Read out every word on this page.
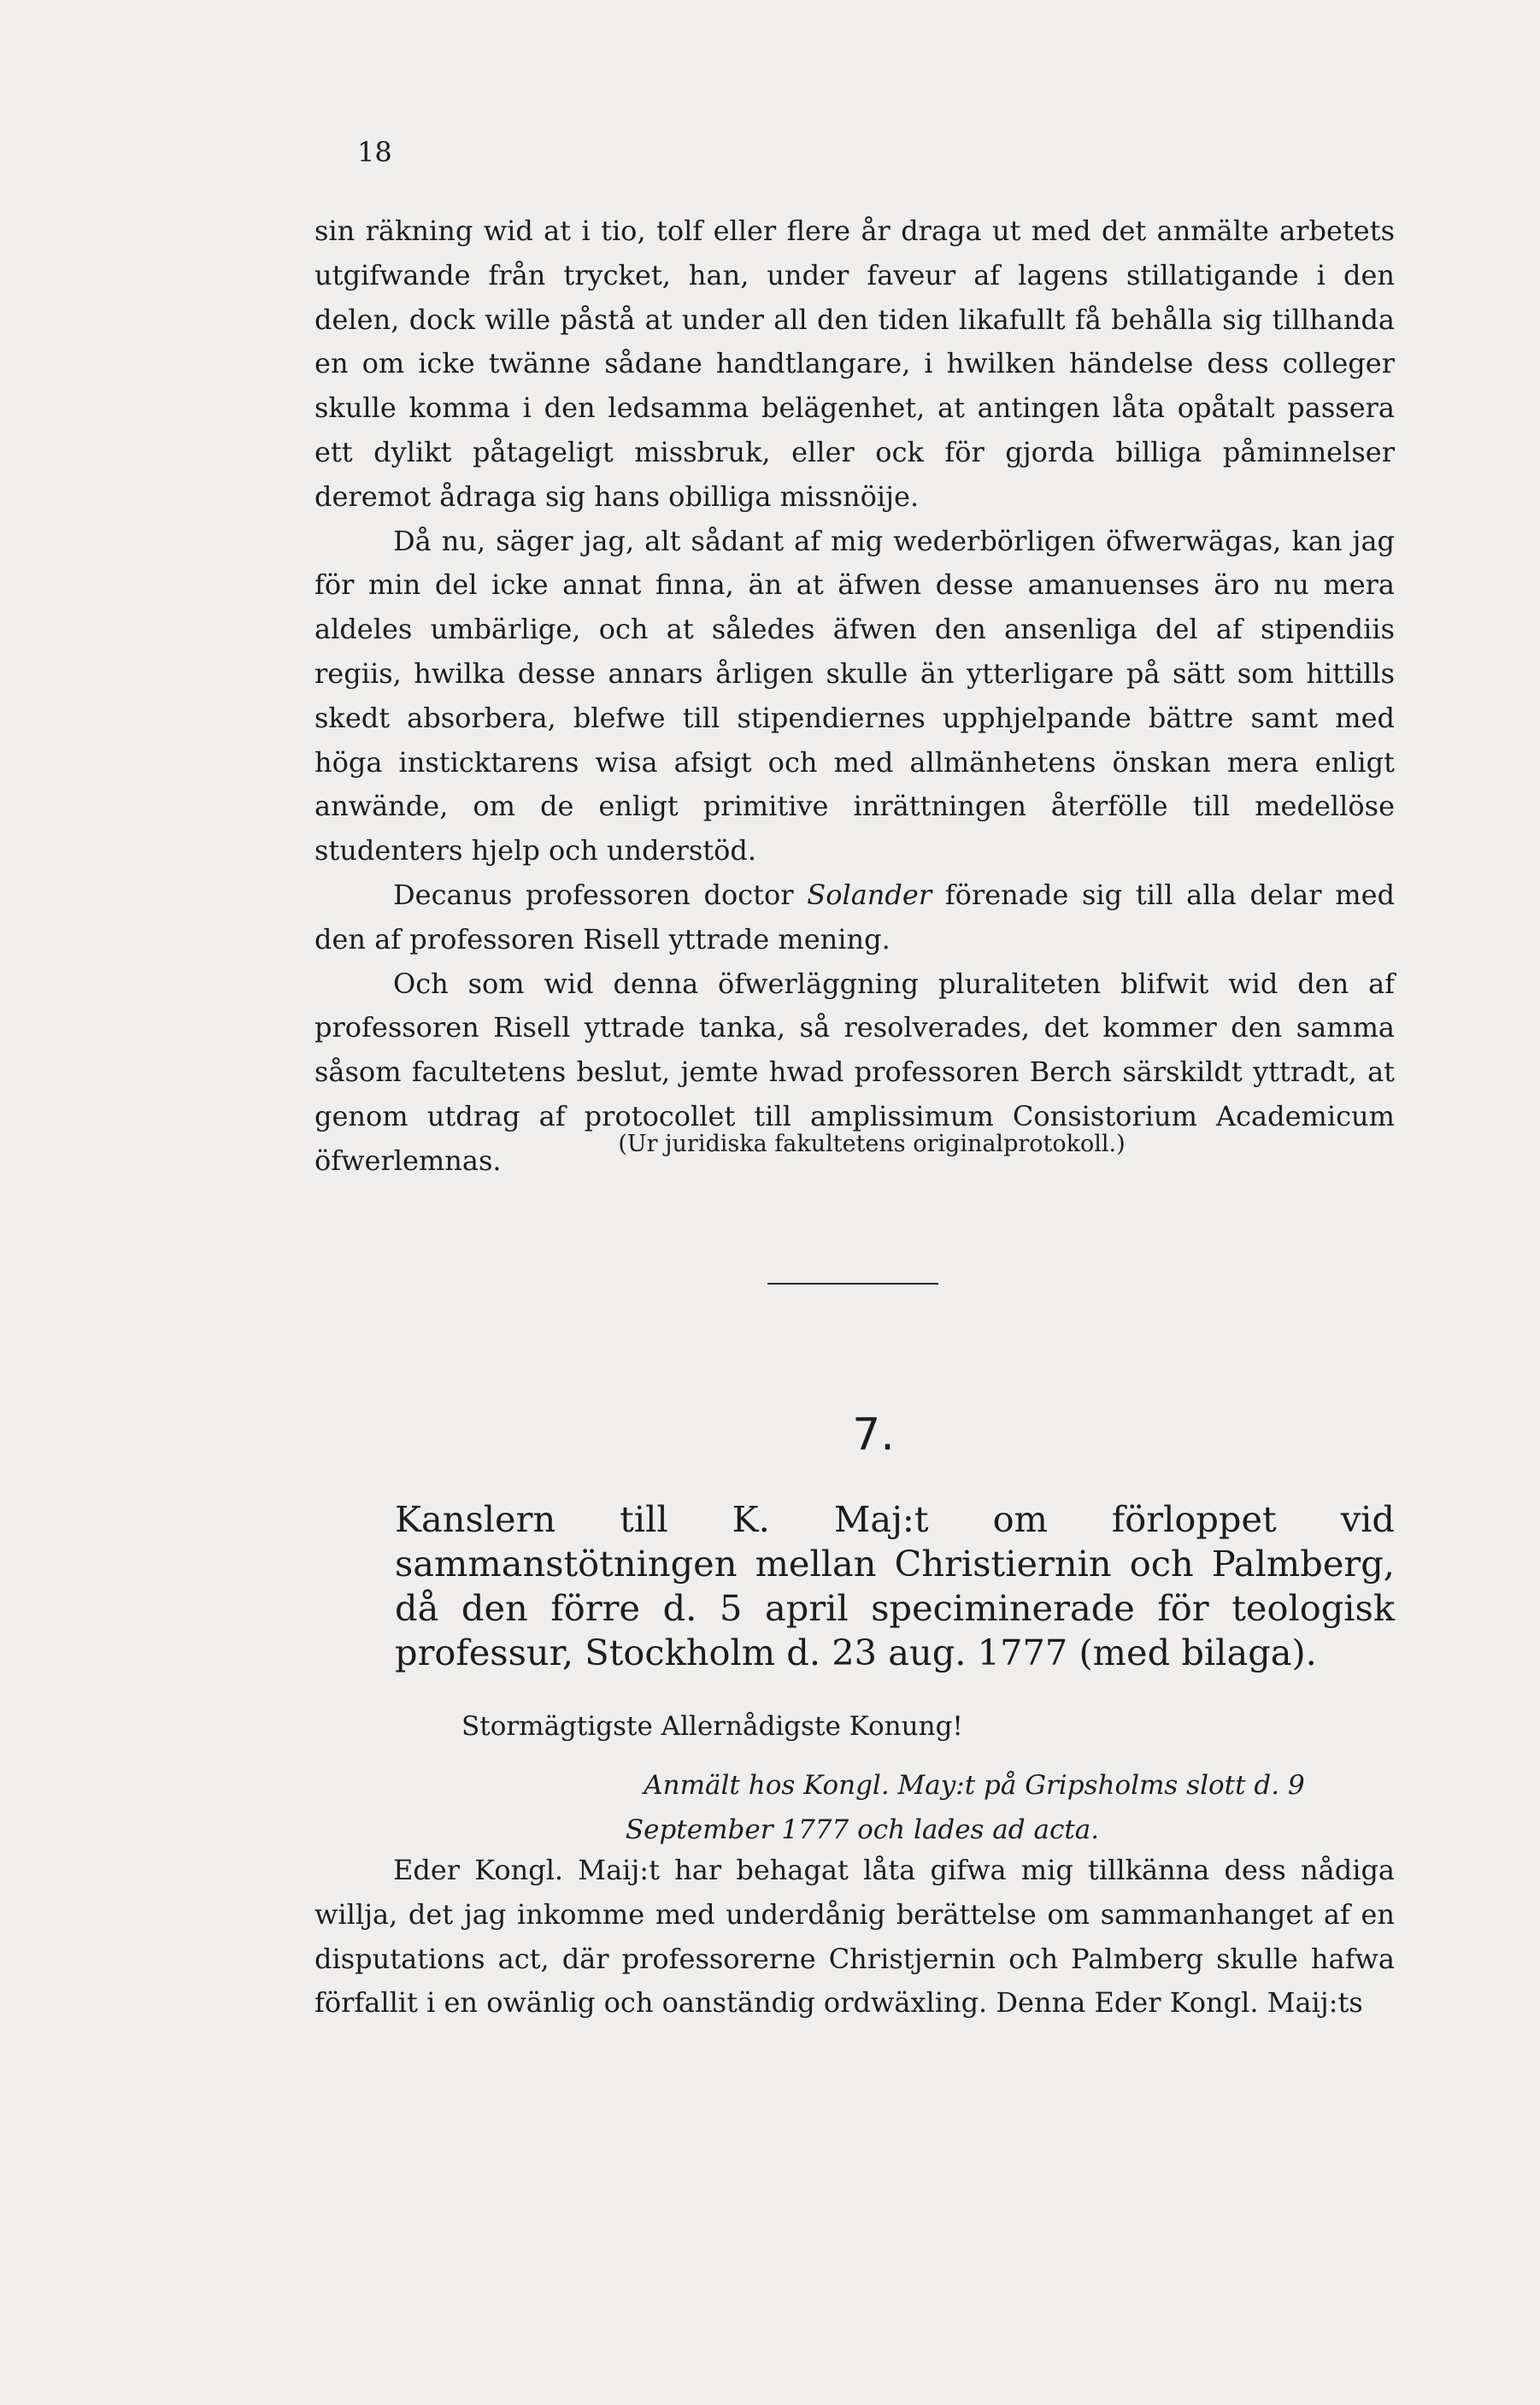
18

sin räkning wid at i tio, tolf eller flere år draga ut med det anmälte arbetets utgifwande från trycket, han, under faveur af lagens stillatigande i den delen, dock wille påstå at under all den tiden likafullt få behålla sig tillhanda en om icke twänne sådane handtlangare, i hwilken händelse dess colleger skulle komma i den ledsamma belägenhet, at antingen låta opåtalt passera ett dylikt påtageligt missbruk, eller ock för gjorda billiga påminnelser deremot ådraga sig hans obilliga missnöije.

Då nu, säger jag, alt sådant af mig wederbörligen öfwerwägas, kan jag för min del icke annat finna, än at äfwen desse amanuenses äro nu mera aldeles umbärlige, och at således äfwen den ansenliga del af stipendiis regiis, hwilka desse annars årligen skulle än ytterligare på sätt som hittills skedt absorbera, blefwe till stipendiernes upphjelpande bättre samt med höga insticktarens wisa afsigt och med allmänhetens önskan mera enligt anwände, om de enligt primitive inrättningen återfölle till medellöse studenters hjelp och understöd.

Decanus professoren doctor Solander förenade sig till alla delar med den af professoren Risell yttrade mening.

Och som wid denna öfwerläggning pluraliteten blifwit wid den af professoren Risell yttrade tanka, så resolverades, det kommer den samma såsom facultetens beslut, jemte hwad professoren Berch särskildt yttradt, at genom utdrag af protocollet till amplissimum Consistorium Academicum öfwerlemnas.

(Ur juridiska fakultetens originalprotokoll.)
7.
Kanslern till K. Maj:t om förloppet vid sammanstötningen mellan Christiernin och Palmberg, då den förre d. 5 april speciminerade för teologisk professur, Stockholm d. 23 aug. 1777 (med bilaga).
Stormägtigste Allernådigste Konung!
Anmält hos Kongl. May:t på Gripsholms slott d. 9
September 1777 och lades ad acta.

Eder Kongl. Maij:t har behagat låta gifwa mig tillkänna dess nådiga willja, det jag inkomme med underdånig berättelse om sammanhanget af en disputations act, där professorerne Christjernin och Palmberg skulle hafwa förfallit i en owänlig och oanständig ordwäxling. Denna Eder Kongl. Maij:ts
